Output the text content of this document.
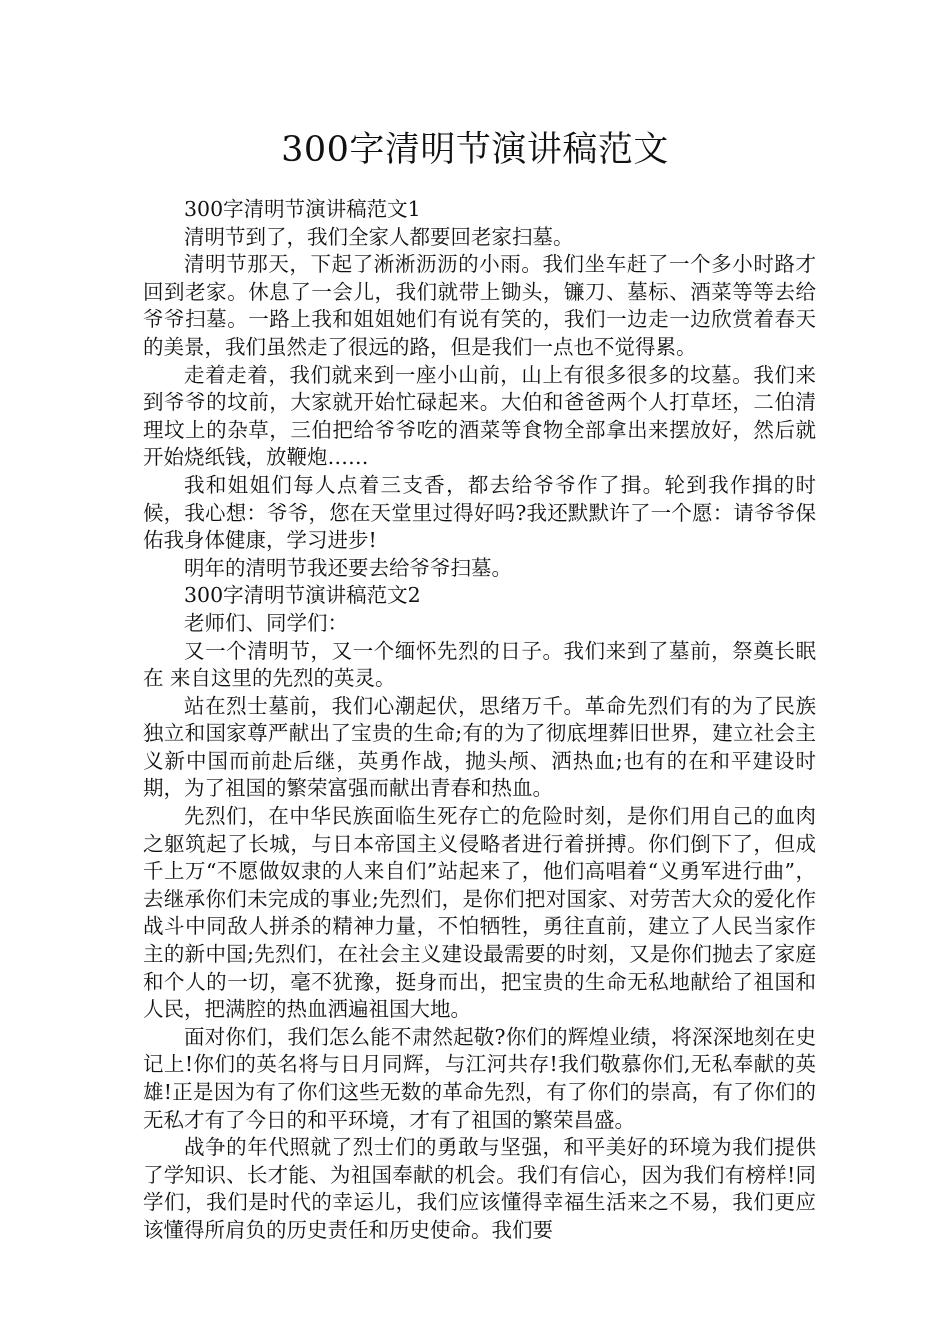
300字清明节演讲稿范文

300字清明节演讲稿范文1

清明节到了，我们全家人都要回老家扫墓。

清明节那天，下起了淅淅沥沥的小雨。我们坐车赶了一个多小时路才回到老家。休息了一会儿，我们就带上锄头，镰刀、墓标、酒菜等等去给爷爷扫墓。一路上我和姐姐她们有说有笑的，我们一边走一边欣赏着春天的美景，我们虽然走了很远的路，但是我们一点也不觉得累。

走着走着，我们就来到一座小山前，山上有很多很多的坟墓。我们来到爷爷的坟前，大家就开始忙碌起来。大伯和爸爸两个人打草坯，二伯清理坟上的杂草，三伯把给爷爷吃的酒菜等食物全部拿出来摆放好，然后就开始烧纸钱，放鞭炮……

我和姐姐们每人点着三支香，都去给爷爷作了揖。轮到我作揖的时候，我心想：爷爷，您在天堂里过得好吗?我还默默许了一个愿：请爷爷保佑我身体健康，学习进步!

明年的清明节我还要去给爷爷扫墓。

300字清明节演讲稿范文2

老师们、同学们：

又一个清明节，又一个缅怀先烈的日子。我们来到了墓前，祭奠长眠在 来自这里的先烈的英灵。

站在烈士墓前，我们心潮起伏，思绪万千。革命先烈们有的为了民族独立和国家尊严献出了宝贵的生命;有的为了彻底埋葬旧世界，建立社会主义新中国而前赴后继，英勇作战，抛头颅、洒热血;也有的在和平建设时期，为了祖国的繁荣富强而献出青春和热血。

先烈们，在中华民族面临生死存亡的危险时刻，是你们用自己的血肉之躯筑起了长城，与日本帝国主义侵略者进行着拼搏。你们倒下了，但成千上万“不愿做奴隶的人来自们”站起来了，他们高唱着“义勇军进行曲”，去继承你们未完成的事业;先烈们，是你们把对国家、对劳苦大众的爱化作战斗中同敌人拼杀的精神力量，不怕牺牲，勇往直前，建立了人民当家作主的新中国;先烈们，在社会主义建设最需要的时刻，又是你们抛去了家庭和个人的一切，毫不犹豫，挺身而出，把宝贵的生命无私地献给了祖国和人民，把满腔的热血洒遍祖国大地。

面对你们，我们怎么能不肃然起敬?你们的辉煌业绩，将深深地刻在史记上!你们的英名将与日月同辉，与江河共存!我们敬慕你们,无私奉献的英雄!正是因为有了你们这些无数的革命先烈，有了你们的崇高，有了你们的无私才有了今日的和平环境，才有了祖国的繁荣昌盛。

战争的年代照就了烈士们的勇敢与坚强，和平美好的环境为我们提供了学知识、长才能、为祖国奉献的机会。我们有信心，因为我们有榜样!同学们，我们是时代的幸运儿，我们应该懂得幸福生活来之不易，我们更应该懂得所肩负的历史责任和历史使命。我们要
